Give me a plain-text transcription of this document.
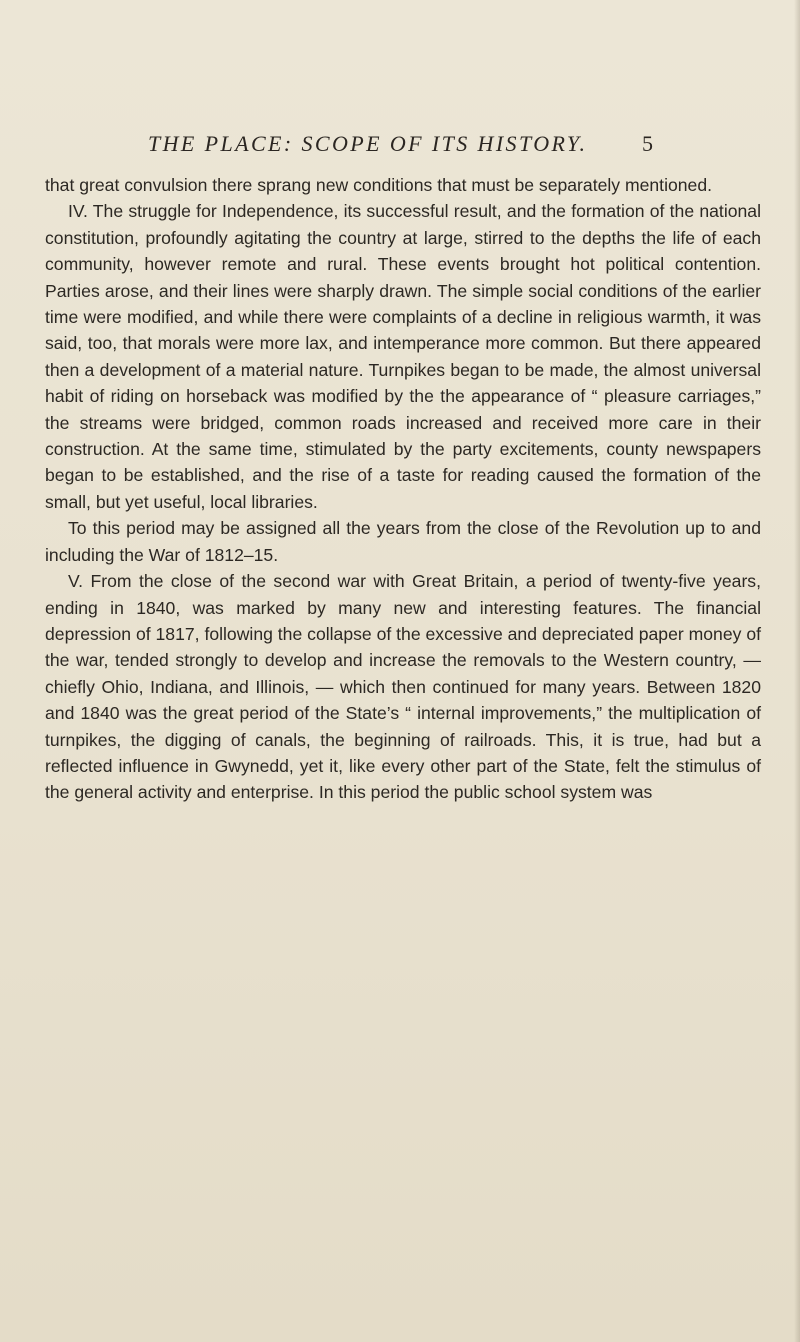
THE PLACE: SCOPE OF ITS HISTORY. 5

that great convulsion there sprang new conditions that must be separately mentioned.

IV. The struggle for Independence, its successful result, and the formation of the national constitution, profoundly agitating the country at large, stirred to the depths the life of each community, however remote and rural. These events brought hot political contention. Parties arose, and their lines were sharply drawn. The simple social conditions of the earlier time were modified, and while there were complaints of a decline in religious warmth, it was said, too, that morals were more lax, and intemperance more common. But there appeared then a development of a material nature. Turnpikes began to be made, the almost universal habit of riding on horseback was modified by the the appearance of “ pleasure carriages,” the streams were bridged, common roads increased and received more care in their construction. At the same time, stimulated by the party excitements, county newspapers began to be established, and the rise of a taste for reading caused the formation of the small, but yet useful, local libraries.

To this period may be assigned all the years from the close of the Revolution up to and including the War of 1812–15.

V. From the close of the second war with Great Britain, a period of twenty-five years, ending in 1840, was marked by many new and interesting features. The financial depression of 1817, following the collapse of the excessive and depreciated paper money of the war, tended strongly to develop and increase the removals to the Western country, — chiefly Ohio, Indiana, and Illinois, — which then continued for many years. Between 1820 and 1840 was the great period of the State’s “ internal improvements,” the multiplication of turnpikes, the digging of canals, the beginning of railroads. This, it is true, had but a reflected influence in Gwynedd, yet it, like every other part of the State, felt the stimulus of the general activity and enterprise. In this period the public school system was
